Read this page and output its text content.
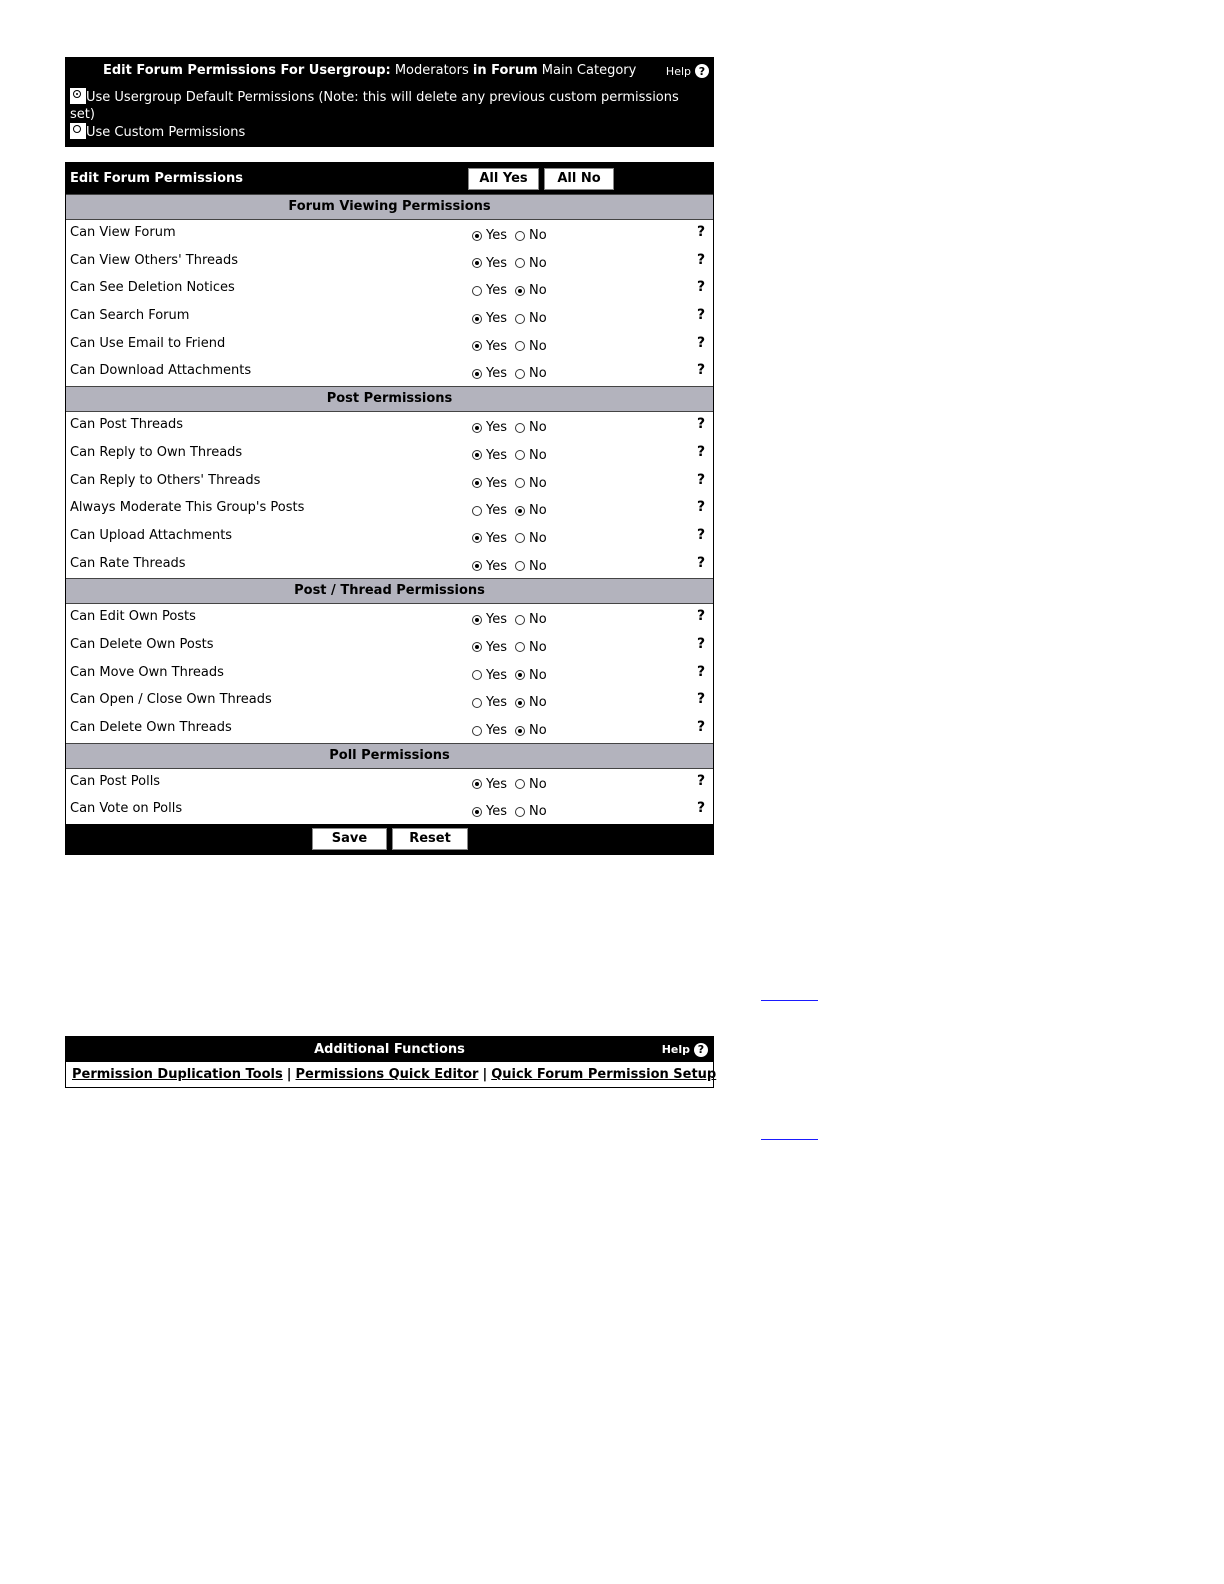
Edit Forum Permissions For Usergroup: Moderators in Forum Main Category	Help ?
Use Usergroup Default Permissions (Note: this will delete any previous custom permissions set)
Use Custom Permissions
Edit Forum Permissions	All Yes	All No
Forum Viewing Permissions
Can View Forum	Yes No	?
Can View Others' Threads	Yes No	?
Can See Deletion Notices	Yes No	?
Can Search Forum	Yes No	?
Can Use Email to Friend	Yes No	?
Can Download Attachments	Yes No	?
Post Permissions
Can Post Threads	Yes No	?
Can Reply to Own Threads	Yes No	?
Can Reply to Others' Threads	Yes No	?
Always Moderate This Group's Posts	Yes No	?
Can Upload Attachments	Yes No	?
Can Rate Threads	Yes No	?
Post / Thread Permissions
Can Edit Own Posts	Yes No	?
Can Delete Own Posts	Yes No	?
Can Move Own Threads	Yes No	?
Can Open / Close Own Threads	Yes No	?
Can Delete Own Threads	Yes No	?
Poll Permissions
Can Post Polls	Yes No	?
Can Vote on Polls	Yes No	?
Save	Reset
Additional Functions	Help ?
Permission Duplication Tools | Permissions Quick Editor | Quick Forum Permission Setup
